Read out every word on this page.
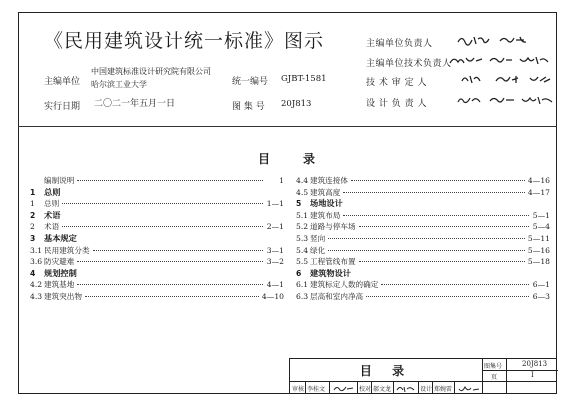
《民用建筑设计统一标准》图示
主编单位
中国建筑标准设计研究院有限公司
哈尔滨工业大学
实行日期 二〇二一年五月一日
统一编号 GJBT-1581
图 集 号 20J813
主编单位负责人
主编单位技术负责人
技 术 审 定 人
设 计 负 责 人
目	录
编制说明	1
1	总则
1	总则	1—1
2	术语
2	术语	2—1
3	基本规定
3.1 民用建筑分类	3—1
3.6 防灾避难	3—2
4	规划控制
4.2 建筑基地	4—1
4.3 建筑突出物	4—10
4.4 建筑连接体	4—16
4.5 建筑高度	4—17
5	场地设计
5.1 建筑布局	5—1
5.2 道路与停车场	5—4
5.3 竖向	5—11
5.4 绿化	5—16
5.5 工程管线布置	5—18
6	建筑物设计
6.1 建筑标定人数的确定	6—1
6.3 层高和室内净高	6—3
目 录	图集号	20J813
页	I
审核 李桂文	校对 郝文龙	设计 郑婉雷
